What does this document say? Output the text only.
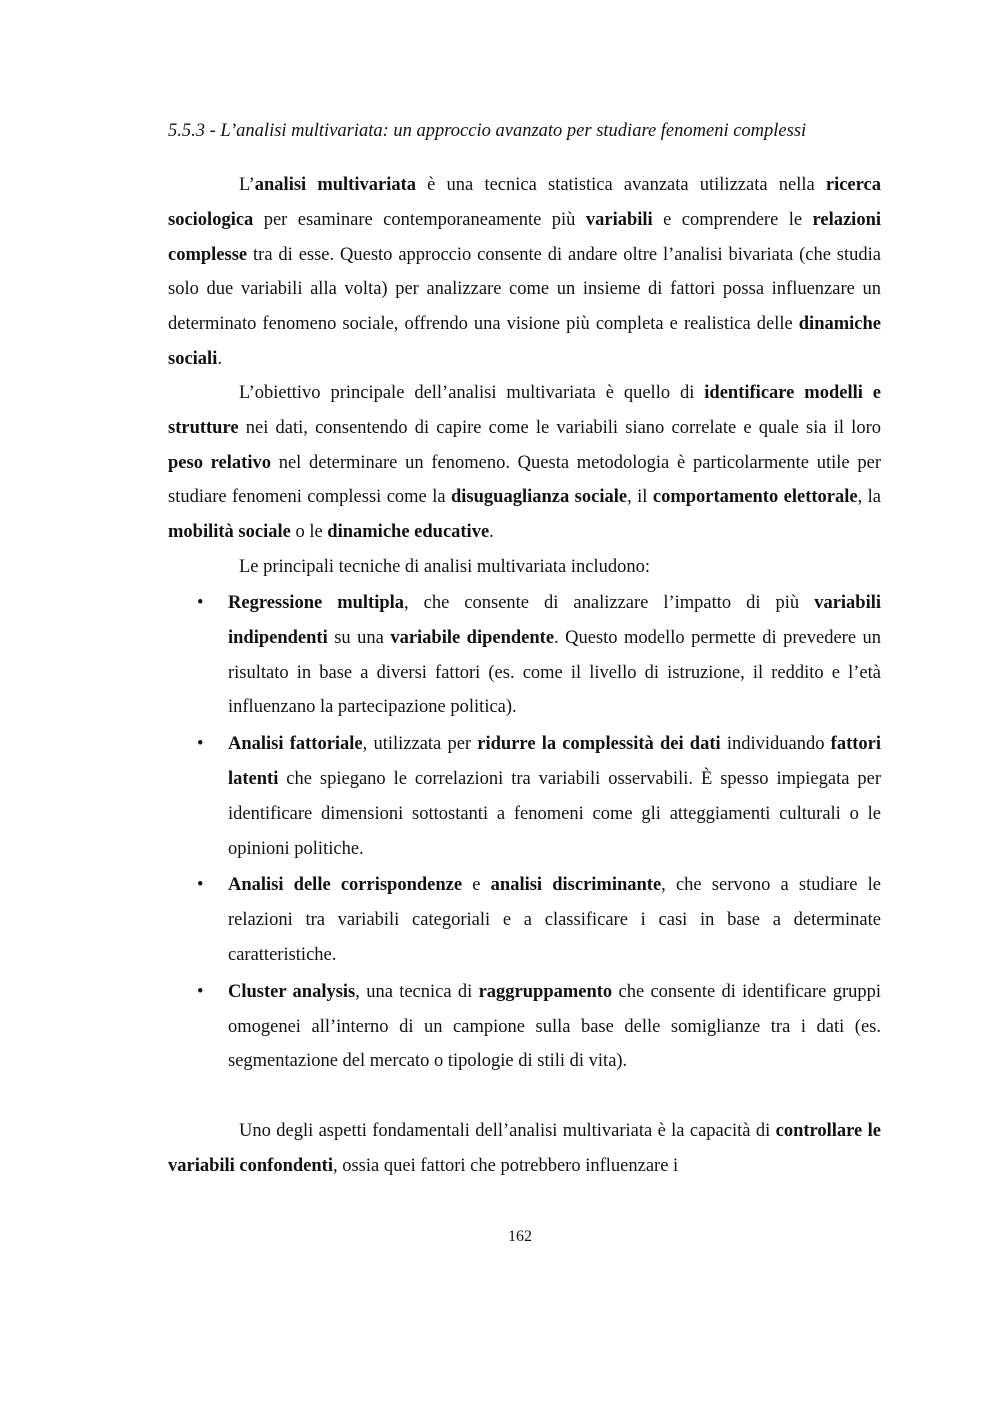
5.5.3 - L’analisi multivariata: un approccio avanzato per studiare fenomeni complessi

L’analisi multivariata è una tecnica statistica avanzata utilizzata nella ricerca sociologica per esaminare contemporaneamente più variabili e comprendere le relazioni complesse tra di esse. Questo approccio consente di andare oltre l’analisi bivariata (che studia solo due variabili alla volta) per analizzare come un insieme di fattori possa influenzare un determinato fenomeno sociale, offrendo una visione più completa e realistica delle dinamiche sociali.

L’obiettivo principale dell’analisi multivariata è quello di identificare modelli e strutture nei dati, consentendo di capire come le variabili siano correlate e quale sia il loro peso relativo nel determinare un fenomeno. Questa metodologia è particolarmente utile per studiare fenomeni complessi come la disuguaglianza sociale, il comportamento elettorale, la mobilità sociale o le dinamiche educative.

Le principali tecniche di analisi multivariata includono:

• Regressione multipla, che consente di analizzare l’impatto di più variabili indipendenti su una variabile dipendente. Questo modello permette di prevedere un risultato in base a diversi fattori (es. come il livello di istruzione, il reddito e l’età influenzano la partecipazione politica).
• Analisi fattoriale, utilizzata per ridurre la complessità dei dati individuando fattori latenti che spiegano le correlazioni tra variabili osservabili. È spesso impiegata per identificare dimensioni sottostanti a fenomeni come gli atteggiamenti culturali o le opinioni politiche.
• Analisi delle corrispondenze e analisi discriminante, che servono a studiare le relazioni tra variabili categoriali e a classificare i casi in base a determinate caratteristiche.
• Cluster analysis, una tecnica di raggruppamento che consente di identificare gruppi omogenei all’interno di un campione sulla base delle somiglianze tra i dati (es. segmentazione del mercato o tipologie di stili di vita).

Uno degli aspetti fondamentali dell’analisi multivariata è la capacità di controllare le variabili confondenti, ossia quei fattori che potrebbero influenzare i

162
